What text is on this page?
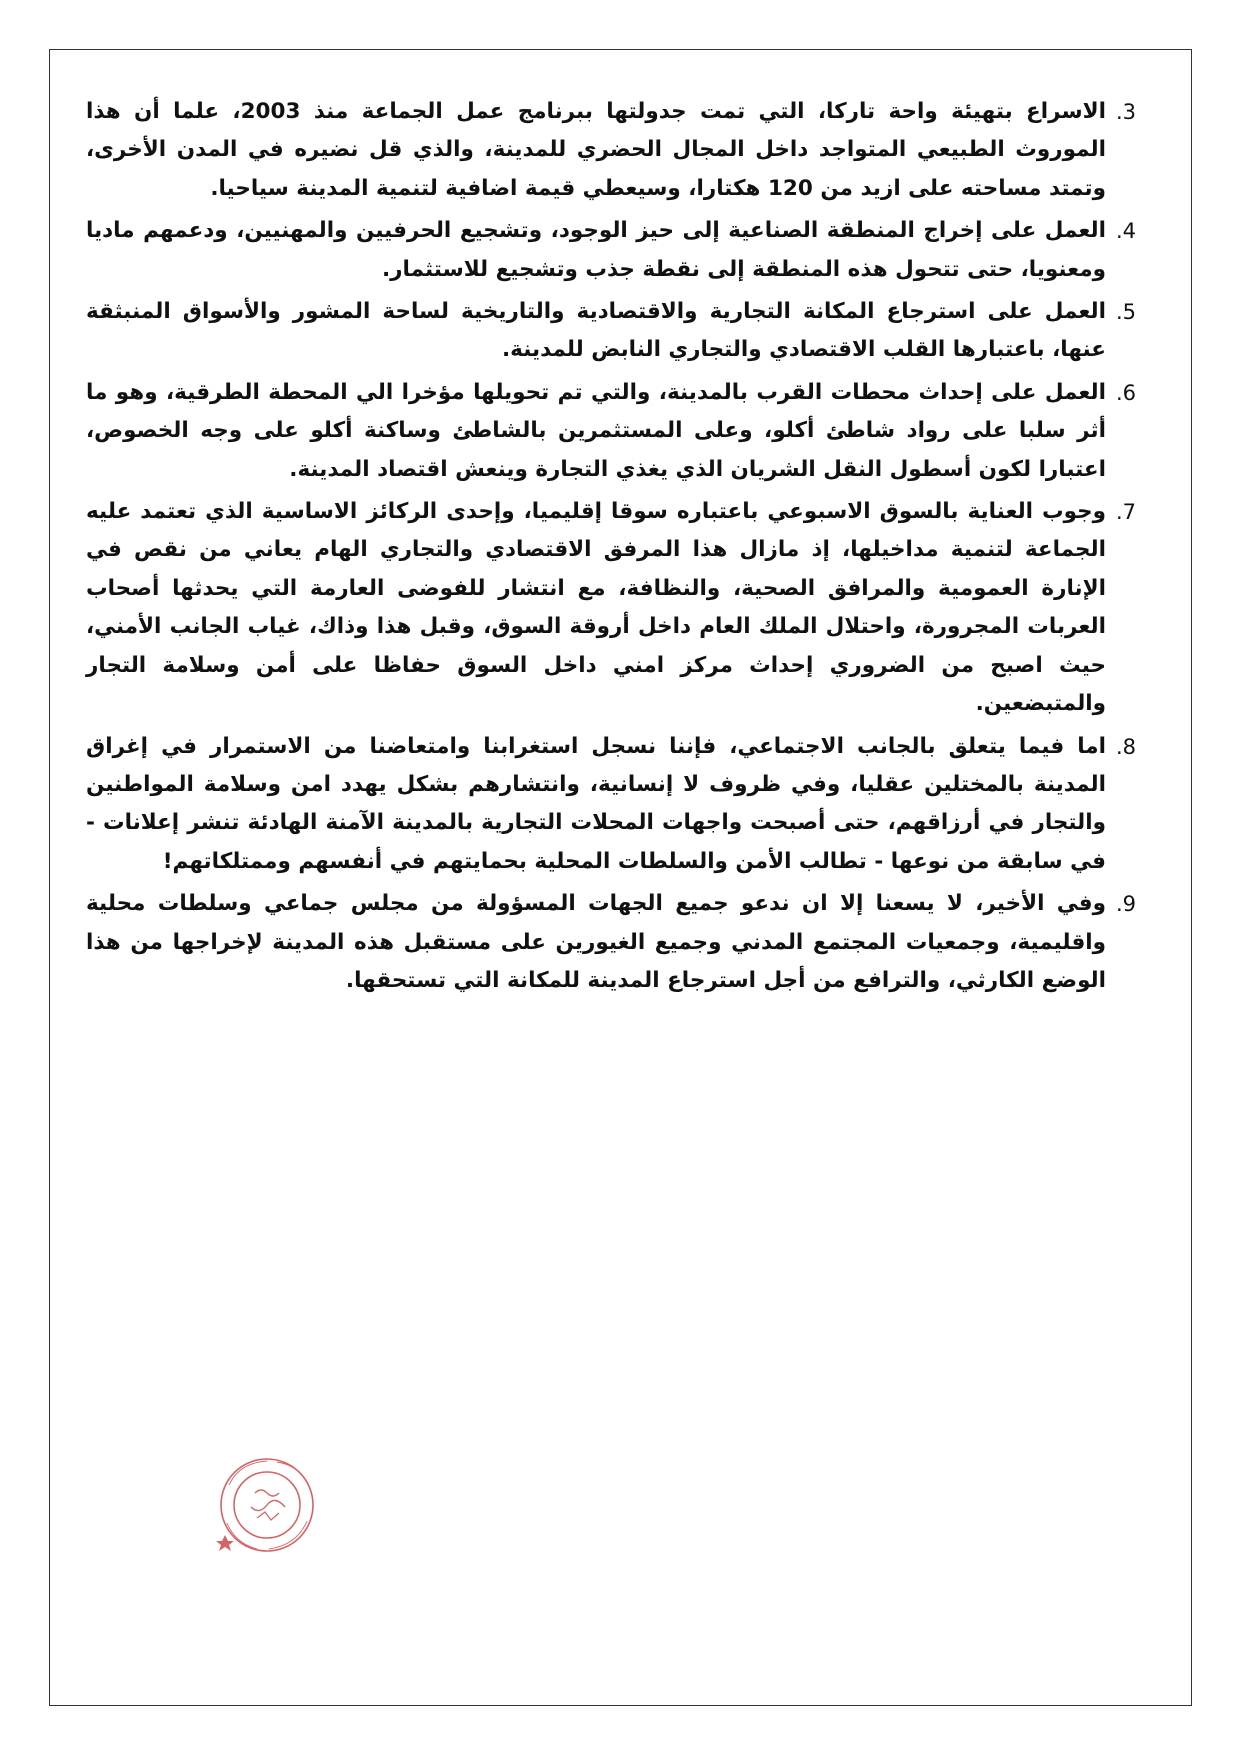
3.
الاسراع بتهيئة واحة تاركا، التي تمت جدولتها ببرنامج عمل الجماعة منذ 2003، علما أن هذا الموروث الطبيعي المتواجد داخل المجال الحضري للمدينة، والذي قل نضيره في المدن الأخرى، وتمتد مساحته على ازيد من 120 هكتارا، وسيعطي قيمة اضافية لتنمية المدينة سياحيا.
4.
العمل على إخراج المنطقة الصناعية إلى حيز الوجود، وتشجيع الحرفيين والمهنيين، ودعمهم ماديا ومعنويا، حتى تتحول هذه المنطقة إلى نقطة جذب وتشجيع للاستثمار.
5.
العمل على استرجاع المكانة التجارية والاقتصادية والتاريخية لساحة المشور والأسواق المنبثقة عنها، باعتبارها القلب الاقتصادي والتجاري النابض للمدينة.
6.
العمل على إحداث محطات القرب بالمدينة، والتي تم تحويلها مؤخرا الي المحطة الطرقية، وهو ما أثر سلبا على رواد شاطئ أكلو، وعلى المستثمرين بالشاطئ وساكنة أكلو على وجه الخصوص، اعتبارا لكون أسطول النقل الشريان الذي يغذي التجارة وينعش اقتصاد المدينة.
7.
وجوب العناية بالسوق الاسبوعي باعتباره سوقا إقليميا، وإحدى الركائز الاساسية الذي تعتمد عليه الجماعة لتنمية مداخيلها، إذ مازال هذا المرفق الاقتصادي والتجاري الهام يعاني من نقص في الإنارة العمومية والمرافق الصحية، والنظافة، مع انتشار للفوضى العارمة التي يحدثها أصحاب العربات المجرورة، واحتلال الملك العام داخل أروقة السوق، وقبل هذا وذاك، غياب الجانب الأمني، حيث اصبح من الضروري إحداث مركز امني داخل السوق حفاظا على أمن وسلامة التجار والمتبضعين.
8.
اما فيما يتعلق بالجانب الاجتماعي، فإننا نسجل استغرابنا وامتعاضنا من الاستمرار في إغراق المدينة بالمختلين عقليا، وفي ظروف لا إنسانية، وانتشارهم بشكل يهدد امن وسلامة المواطنين والتجار في أرزاقهم، حتى أصبحت واجهات المحلات التجارية بالمدينة الآمنة الهادئة تنشر إعلانات - في سابقة من نوعها - تطالب الأمن والسلطات المحلية بحمايتهم في أنفسهم وممتلكاتهم!
9.
وفي الأخير، لا يسعنا إلا ان ندعو جميع الجهات المسؤولة من مجلس جماعي وسلطات محلية واقليمية، وجمعيات المجتمع المدني وجميع الغيورين على مستقبل هذه المدينة لإخراجها من هذا الوضع الكارثي، والترافع من أجل استرجاع المدينة للمكانة التي تستحقها.
